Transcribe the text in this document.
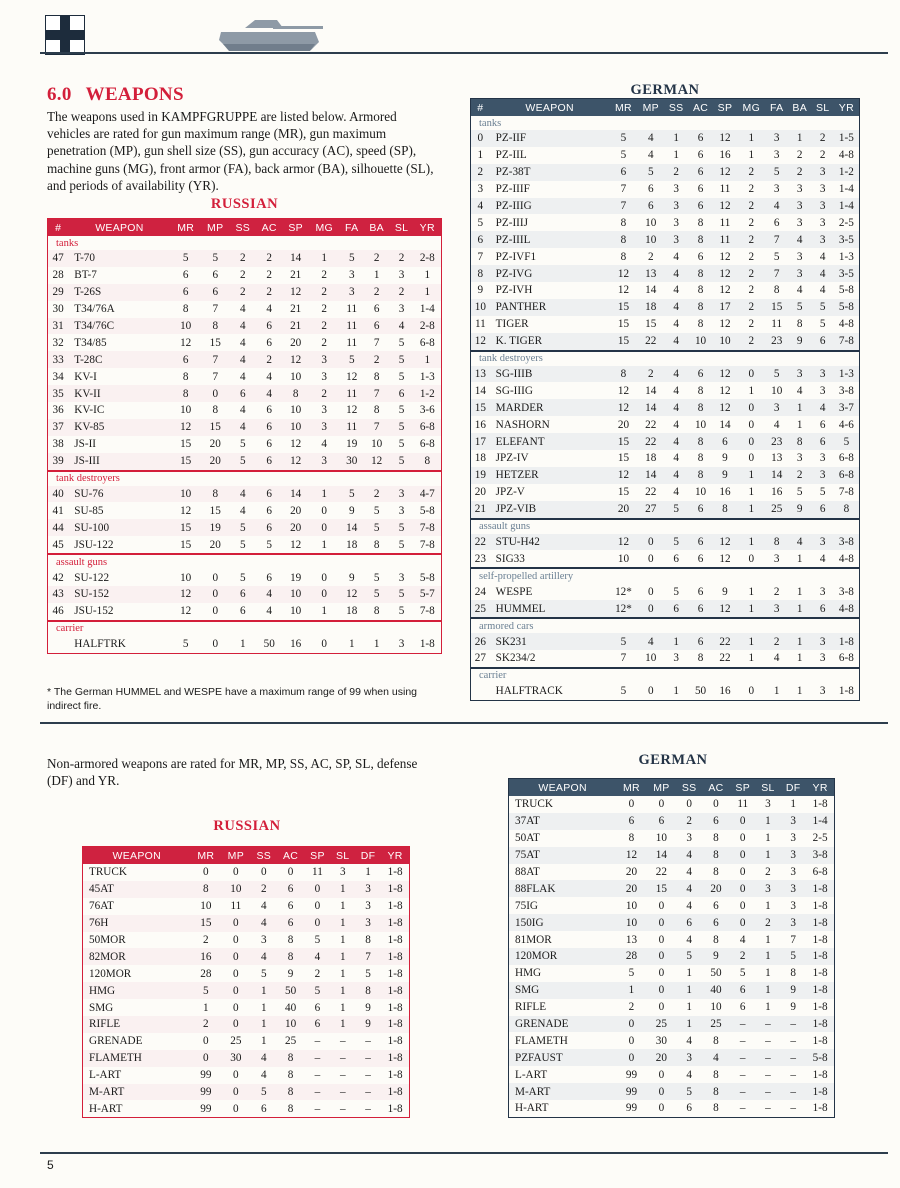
6.0 WEAPONS
The weapons used in KAMPFGRUPPE are listed below. Armored vehicles are rated for gun maximum range (MR), gun maximum penetration (MP), gun shell size (SS), gun accuracy (AC), speed (SP), machine guns (MG), front armor (FA), back armor (BA), silhouette (SL), and periods of availability (YR).
RUSSIAN
#	WEAPON	MR	MP	SS	AC	SP	MG	FA	BA	SL	YR
tanks											
47	T-70	5	5	2	2	14	1	5	2	2	2-8
28	BT-7	6	6	2	2	21	2	3	1	3	1
29	T-26S	6	6	2	2	12	2	3	2	2	1
30	T34/76A	8	7	4	4	21	2	11	6	3	1-4
31	T34/76C	10	8	4	6	21	2	11	6	4	2-8
32	T34/85	12	15	4	6	20	2	11	7	5	6-8
33	T-28C	6	7	4	2	12	3	5	2	5	1
34	KV-I	8	7	4	4	10	3	12	8	5	1-3
35	KV-II	8	0	6	4	8	2	11	7	6	1-2
36	KV-IC	10	8	4	6	10	3	12	8	5	3-6
37	KV-85	12	15	4	6	10	3	11	7	5	6-8
38	JS-II	15	20	5	6	12	4	19	10	5	6-8
39	JS-III	15	20	5	6	12	3	30	12	5	8
tank destroyers											
40	SU-76	10	8	4	6	14	1	5	2	3	4-7
41	SU-85	12	15	4	6	20	0	9	5	3	5-8
44	SU-100	15	19	5	6	20	0	14	5	5	7-8
45	JSU-122	15	20	5	5	12	1	18	8	5	7-8
assault guns											
42	SU-122	10	0	5	6	19	0	9	5	3	5-8
43	SU-152	12	0	6	4	10	0	12	5	5	5-7
46	JSU-152	12	0	6	4	10	1	18	8	5	7-8
carrier											
	HALFTRK	5	0	1	50	16	0	1	1	3	1-8
* The German HUMMEL and WESPE have a maximum range of 99 when using indirect fire.
GERMAN
#	WEAPON	MR	MP	SS	AC	SP	MG	FA	BA	SL	YR
tanks											
0	PZ-IIF	5	4	1	6	12	1	3	1	2	1-5
1	PZ-IIL	5	4	1	6	16	1	3	2	2	4-8
2	PZ-38T	6	5	2	6	12	2	5	2	3	1-2
3	PZ-IIIF	7	6	3	6	11	2	3	3	3	1-4
4	PZ-IIIG	7	6	3	6	12	2	4	3	3	1-4
5	PZ-IIIJ	8	10	3	8	11	2	6	3	3	2-5
6	PZ-IIIL	8	10	3	8	11	2	7	4	3	3-5
7	PZ-IVF1	8	2	4	6	12	2	5	3	4	1-3
8	PZ-IVG	12	13	4	8	12	2	7	3	4	3-5
9	PZ-IVH	12	14	4	8	12	2	8	4	4	5-8
10	PANTHER	15	18	4	8	17	2	15	5	5	5-8
11	TIGER	15	15	4	8	12	2	11	8	5	4-8
12	K. TIGER	15	22	4	10	10	2	23	9	6	7-8
tank destroyers											
13	SG-IIIB	8	2	4	6	12	0	5	3	3	1-3
14	SG-IIIG	12	14	4	8	12	1	10	4	3	3-8
15	MARDER	12	14	4	8	12	0	3	1	4	3-7
16	NASHORN	20	22	4	10	14	0	4	1	6	4-6
17	ELEFANT	15	22	4	8	6	0	23	8	6	5
18	JPZ-IV	15	18	4	8	9	0	13	3	3	6-8
19	HETZER	12	14	4	8	9	1	14	2	3	6-8
20	JPZ-V	15	22	4	10	16	1	16	5	5	7-8
21	JPZ-VIB	20	27	5	6	8	1	25	9	6	8
assault guns											
22	STU-H42	12	0	5	6	12	1	8	4	3	3-8
23	SIG33	10	0	6	6	12	0	3	1	4	4-8
self-propelled artillery											
24	WESPE	12*	0	5	6	9	1	2	1	3	3-8
25	HUMMEL	12*	0	6	6	12	1	3	1	6	4-8
armored cars											
26	SK231	5	4	1	6	22	1	2	1	3	1-8
27	SK234/2	7	10	3	8	22	1	4	1	3	6-8
carrier											
	HALFTRACK	5	0	1	50	16	0	1	1	3	1-8
Non-armored weapons are rated for MR, MP, SS, AC, SP, SL, defense (DF) and YR.
RUSSIAN
WEAPON	MR	MP	SS	AC	SP	SL	DF	YR
TRUCK	0	0	0	0	11	3	1	1-8
45AT	8	10	2	6	0	1	3	1-8
76AT	10	11	4	6	0	1	3	1-8
76H	15	0	4	6	0	1	3	1-8
50MOR	2	0	3	8	5	1	8	1-8
82MOR	16	0	4	8	4	1	7	1-8
120MOR	28	0	5	9	2	1	5	1-8
HMG	5	0	1	50	5	1	8	1-8
SMG	1	0	1	40	6	1	9	1-8
RIFLE	2	0	1	10	6	1	9	1-8
GRENADE	0	25	1	25	–	–	–	1-8
FLAMETH	0	30	4	8	–	–	–	1-8
L-ART	99	0	4	8	–	–	–	1-8
M-ART	99	0	5	8	–	–	–	1-8
H-ART	99	0	6	8	–	–	–	1-8
GERMAN
WEAPON	MR	MP	SS	AC	SP	SL	DF	YR
TRUCK	0	0	0	0	11	3	1	1-8
37AT	6	6	2	6	0	1	3	1-4
50AT	8	10	3	8	0	1	3	2-5
75AT	12	14	4	8	0	1	3	3-8
88AT	20	22	4	8	0	2	3	6-8
88FLAK	20	15	4	20	0	3	3	1-8
75IG	10	0	4	6	0	1	3	1-8
150IG	10	0	6	6	0	2	3	1-8
81MOR	13	0	4	8	4	1	7	1-8
120MOR	28	0	5	9	2	1	5	1-8
HMG	5	0	1	50	5	1	8	1-8
SMG	1	0	1	40	6	1	9	1-8
RIFLE	2	0	1	10	6	1	9	1-8
GRENADE	0	25	1	25	–	–	–	1-8
FLAMETH	0	30	4	8	–	–	–	1-8
PZFAUST	0	20	3	4	–	–	–	5-8
L-ART	99	0	4	8	–	–	–	1-8
M-ART	99	0	5	8	–	–	–	1-8
H-ART	99	0	6	8	–	–	–	1-8
5
